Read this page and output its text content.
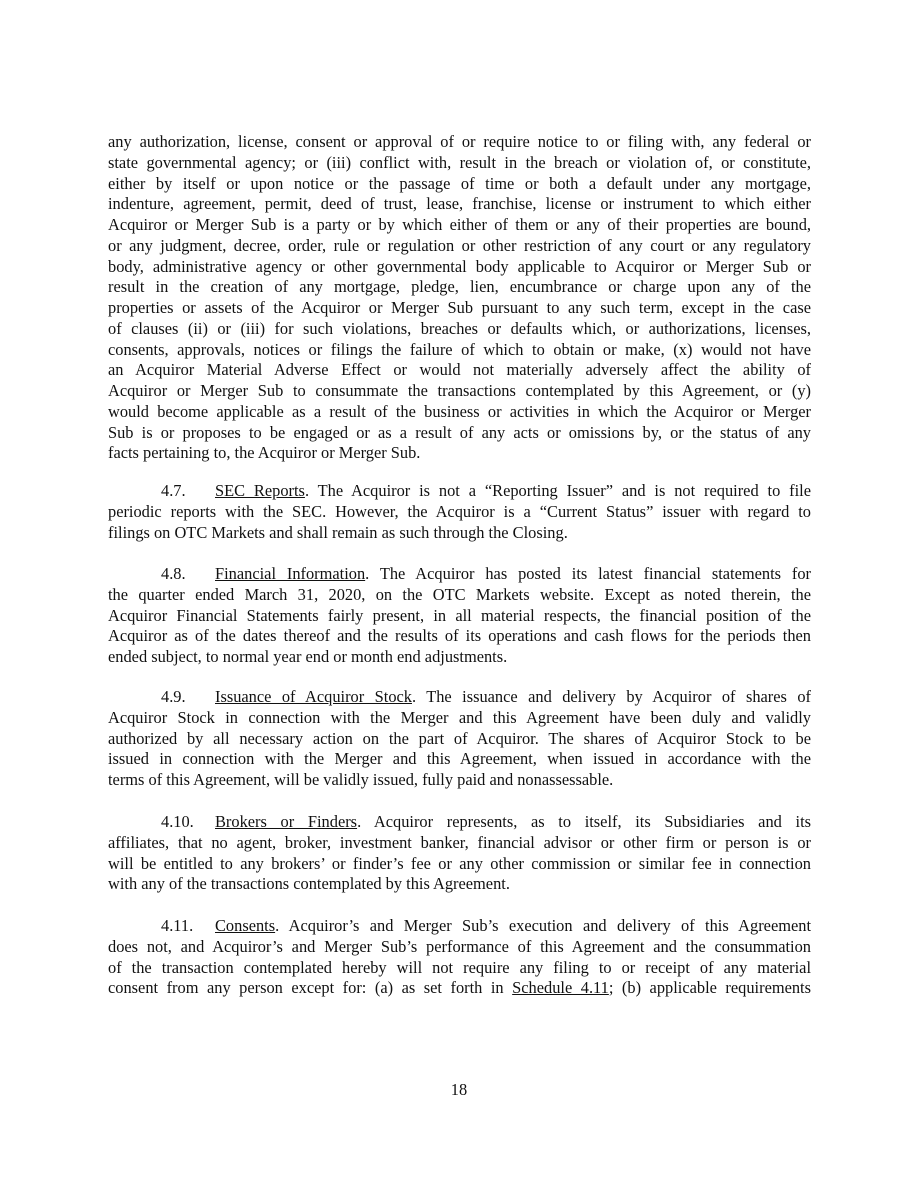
any authorization, license, consent or approval of or require notice to or filing with, any federal or
state governmental agency; or (iii) conflict with, result in the breach or violation of, or constitute,
either by itself or upon notice or the passage of time or both a default under any mortgage,
indenture, agreement, permit, deed of trust, lease, franchise, license or instrument to which either
Acquiror or Merger Sub is a party or by which either of them or any of their properties are bound,
or any judgment, decree, order, rule or regulation or other restriction of any court or any regulatory
body, administrative agency or other governmental body applicable to Acquiror or Merger Sub or
result in the creation of any mortgage, pledge, lien, encumbrance or charge upon any of the
properties or assets of the Acquiror or Merger Sub pursuant to any such term, except in the case
of clauses (ii) or (iii) for such violations, breaches or defaults which, or authorizations, licenses,
consents, approvals, notices or filings the failure of which to obtain or make, (x) would not have
an Acquiror Material Adverse Effect or would not materially adversely affect the ability of
Acquiror or Merger Sub to consummate the transactions contemplated by this Agreement, or (y)
would become applicable as a result of the business or activities in which the Acquiror or Merger
Sub is or proposes to be engaged or as a result of any acts or omissions by, or the status of any
facts pertaining to, the Acquiror or Merger Sub.
4.7. SEC Reports. The Acquiror is not a “Reporting Issuer” and is not required to file
periodic reports with the SEC. However, the Acquiror is a “Current Status” issuer with regard to
filings on OTC Markets and shall remain as such through the Closing.
4.8. Financial Information. The Acquiror has posted its latest financial statements for
the quarter ended March 31, 2020, on the OTC Markets website. Except as noted therein, the
Acquiror Financial Statements fairly present, in all material respects, the financial position of the
Acquiror as of the dates thereof and the results of its operations and cash flows for the periods then
ended subject, to normal year end or month end adjustments.
4.9. Issuance of Acquiror Stock. The issuance and delivery by Acquiror of shares of
Acquiror Stock in connection with the Merger and this Agreement have been duly and validly
authorized by all necessary action on the part of Acquiror. The shares of Acquiror Stock to be
issued in connection with the Merger and this Agreement, when issued in accordance with the
terms of this Agreement, will be validly issued, fully paid and nonassessable.
4.10. Brokers or Finders. Acquiror represents, as to itself, its Subsidiaries and its
affiliates, that no agent, broker, investment banker, financial advisor or other firm or person is or
will be entitled to any brokers’ or finder’s fee or any other commission or similar fee in connection
with any of the transactions contemplated by this Agreement.
4.11. Consents. Acquiror’s and Merger Sub’s execution and delivery of this Agreement
does not, and Acquiror’s and Merger Sub’s performance of this Agreement and the consummation
of the transaction contemplated hereby will not require any filing to or receipt of any material
consent from any person except for: (a) as set forth in Schedule 4.11; (b) applicable requirements
18
